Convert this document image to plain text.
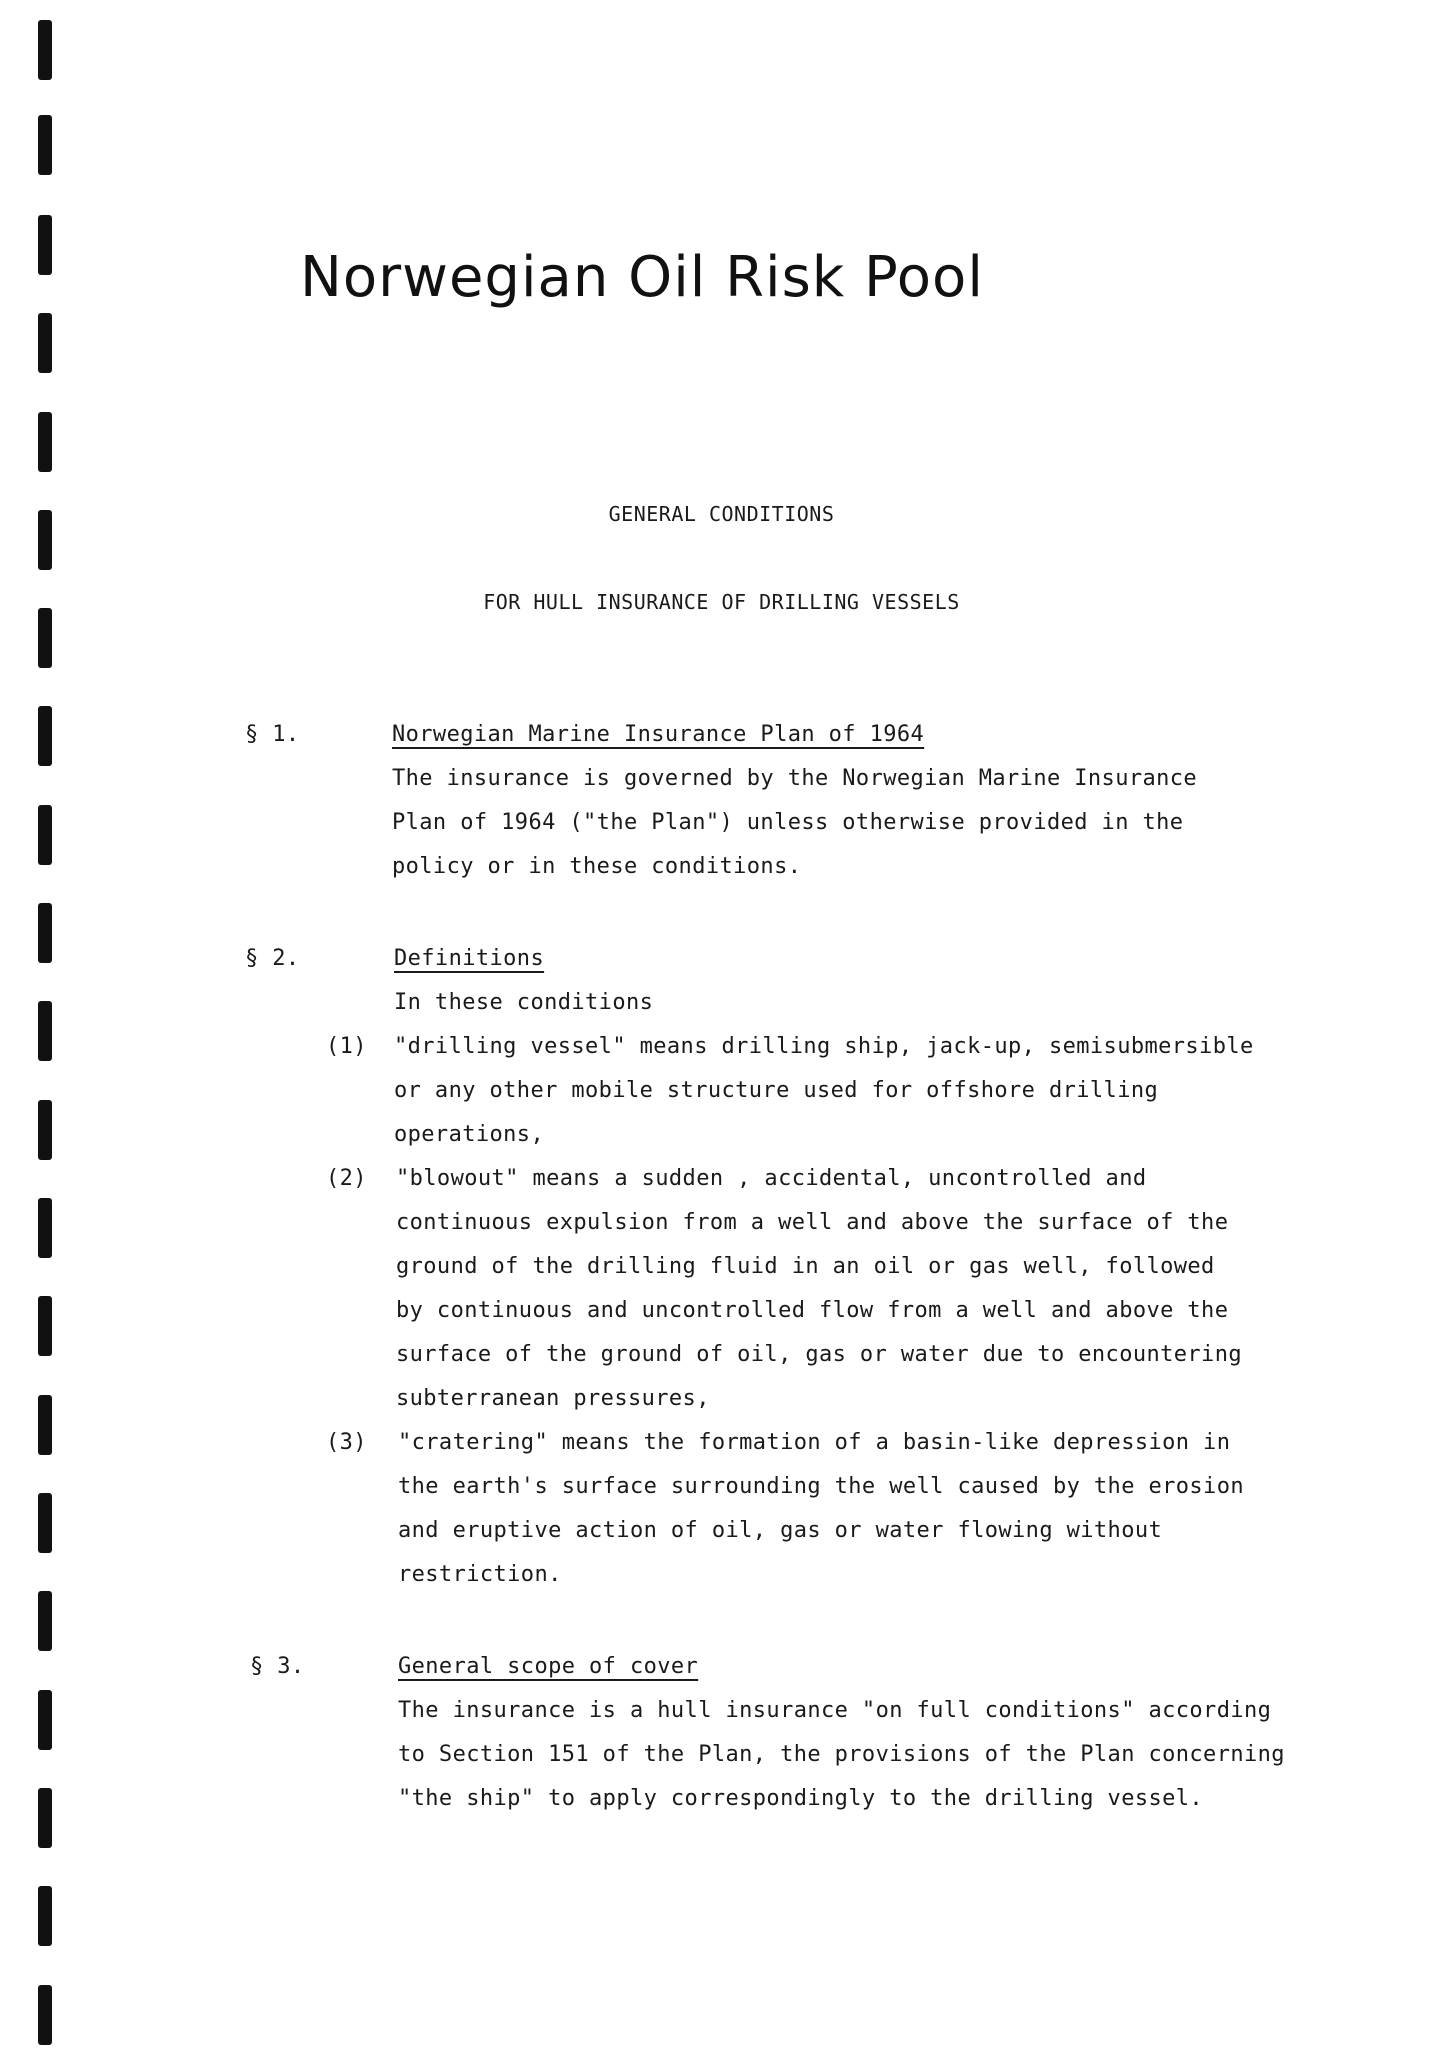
Norwegian Oil Risk Pool
GENERAL CONDITIONS
FOR HULL INSURANCE OF DRILLING VESSELS
§ 1.	Norwegian Marine Insurance Plan of 1964
The insurance is governed by the Norwegian Marine Insurance
Plan of 1964 ("the Plan") unless otherwise provided in the
policy or in these conditions.
§ 2.	Definitions
In these conditions
(1) "drilling vessel" means drilling ship, jack-up, semisubmersible
or any other mobile structure used for offshore drilling
operations,
(2) "blowout" means a sudden , accidental, uncontrolled and
continuous expulsion from a well and above the surface of the
ground of the drilling fluid in an oil or gas well, followed
by continuous and uncontrolled flow from a well and above the
surface of the ground of oil, gas or water due to encountering
subterranean pressures,
(3) "cratering" means the formation of a basin-like depression in
the earth's surface surrounding the well caused by the erosion
and eruptive action of oil, gas or water flowing without
restriction.
§ 3.	General scope of cover
The insurance is a hull insurance "on full conditions" according
to Section 151 of the Plan, the provisions of the Plan concerning
"the ship" to apply correspondingly to the drilling vessel.
